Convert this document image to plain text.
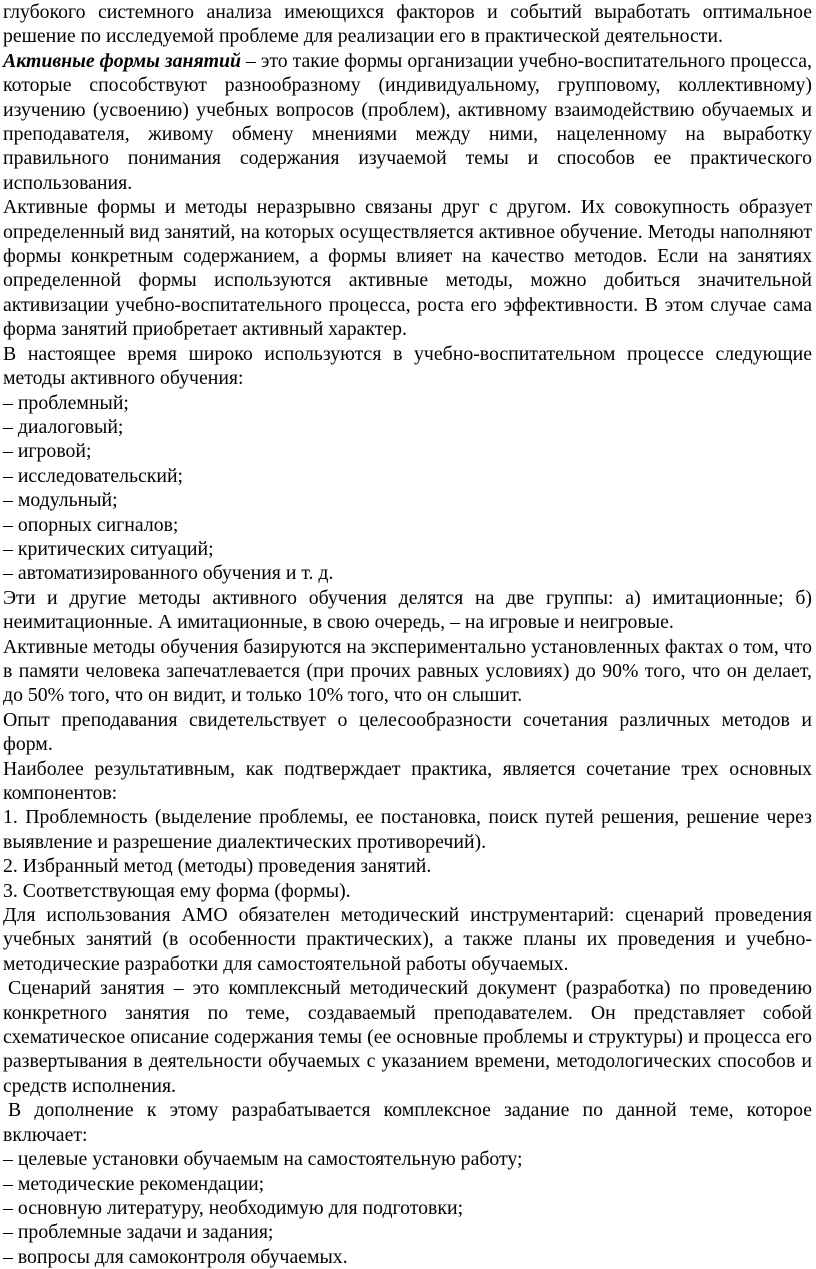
глубокого системного анализа имеющихся факторов и событий выработать оптимальное решение по исследуемой проблеме для реализации его в практической деятельности.

Активные формы занятий – это такие формы организации учебно-воспитательного процесса, которые способствуют разнообразному (индивидуальному, групповому, коллективному) изучению (усвоению) учебных вопросов (проблем), активному взаимодействию обучаемых и преподавателя, живому обмену мнениями между ними, нацеленному на выработку правильного понимания содержания изучаемой темы и способов ее практического использования.

Активные формы и методы неразрывно связаны друг с другом. Их совокупность образует определенный вид занятий, на которых осуществляется активное обучение. Методы наполняют формы конкретным содержанием, а формы влияет на качество методов. Если на занятиях определенной формы используются активные методы, можно добиться значительной активизации учебно-воспитательного процесса, роста его эффективности. В этом случае сама форма занятий приобретает активный характер.

В настоящее время широко используются в учебно-воспитательном процессе следующие методы активного обучения:

– проблемный;

– диалоговый;

– игровой;

– исследовательский;

– модульный;

– опорных сигналов;

– критических ситуаций;

– автоматизированного обучения и т. д.

Эти и другие методы активного обучения делятся на две группы: а) имитационные; б) неимитационные. А имитационные, в свою очередь, – на игровые и неигровые.

Активные методы обучения базируются на экспериментально установленных фактах о том, что в памяти человека запечатлевается (при прочих равных условиях) до 90% того, что он делает, до 50% того, что он видит, и только 10% того, что он слышит.

Опыт преподавания свидетельствует о целесообразности сочетания различных методов и форм.

Наиболее результативным, как подтверждает практика, является сочетание трех основных компонентов:

1. Проблемность (выделение проблемы, ее постановка, поиск путей решения, решение через выявление и разрешение диалектических противоречий).

2. Избранный метод (методы) проведения занятий.

3. Соответствующая ему форма (формы).

Для использования АМО обязателен методический инструментарий: сценарий проведения учебных занятий (в особенности практических), а также планы их проведения и учебно-методические разработки для самостоятельной работы обучаемых.

Сценарий занятия – это комплексный методический документ (разработка) по проведению конкретного занятия по теме, создаваемый преподавателем. Он представляет собой схематическое описание содержания темы (ее основные проблемы и структуры) и процесса его развертывания в деятельности обучаемых с указанием времени, методологических способов и средств исполнения.

В дополнение к этому разрабатывается комплексное задание по данной теме, которое включает:

– целевые установки обучаемым на самостоятельную работу;

– методические рекомендации;

– основную литературу, необходимую для подготовки;

– проблемные задачи и задания;

– вопросы для самоконтроля обучаемых.
